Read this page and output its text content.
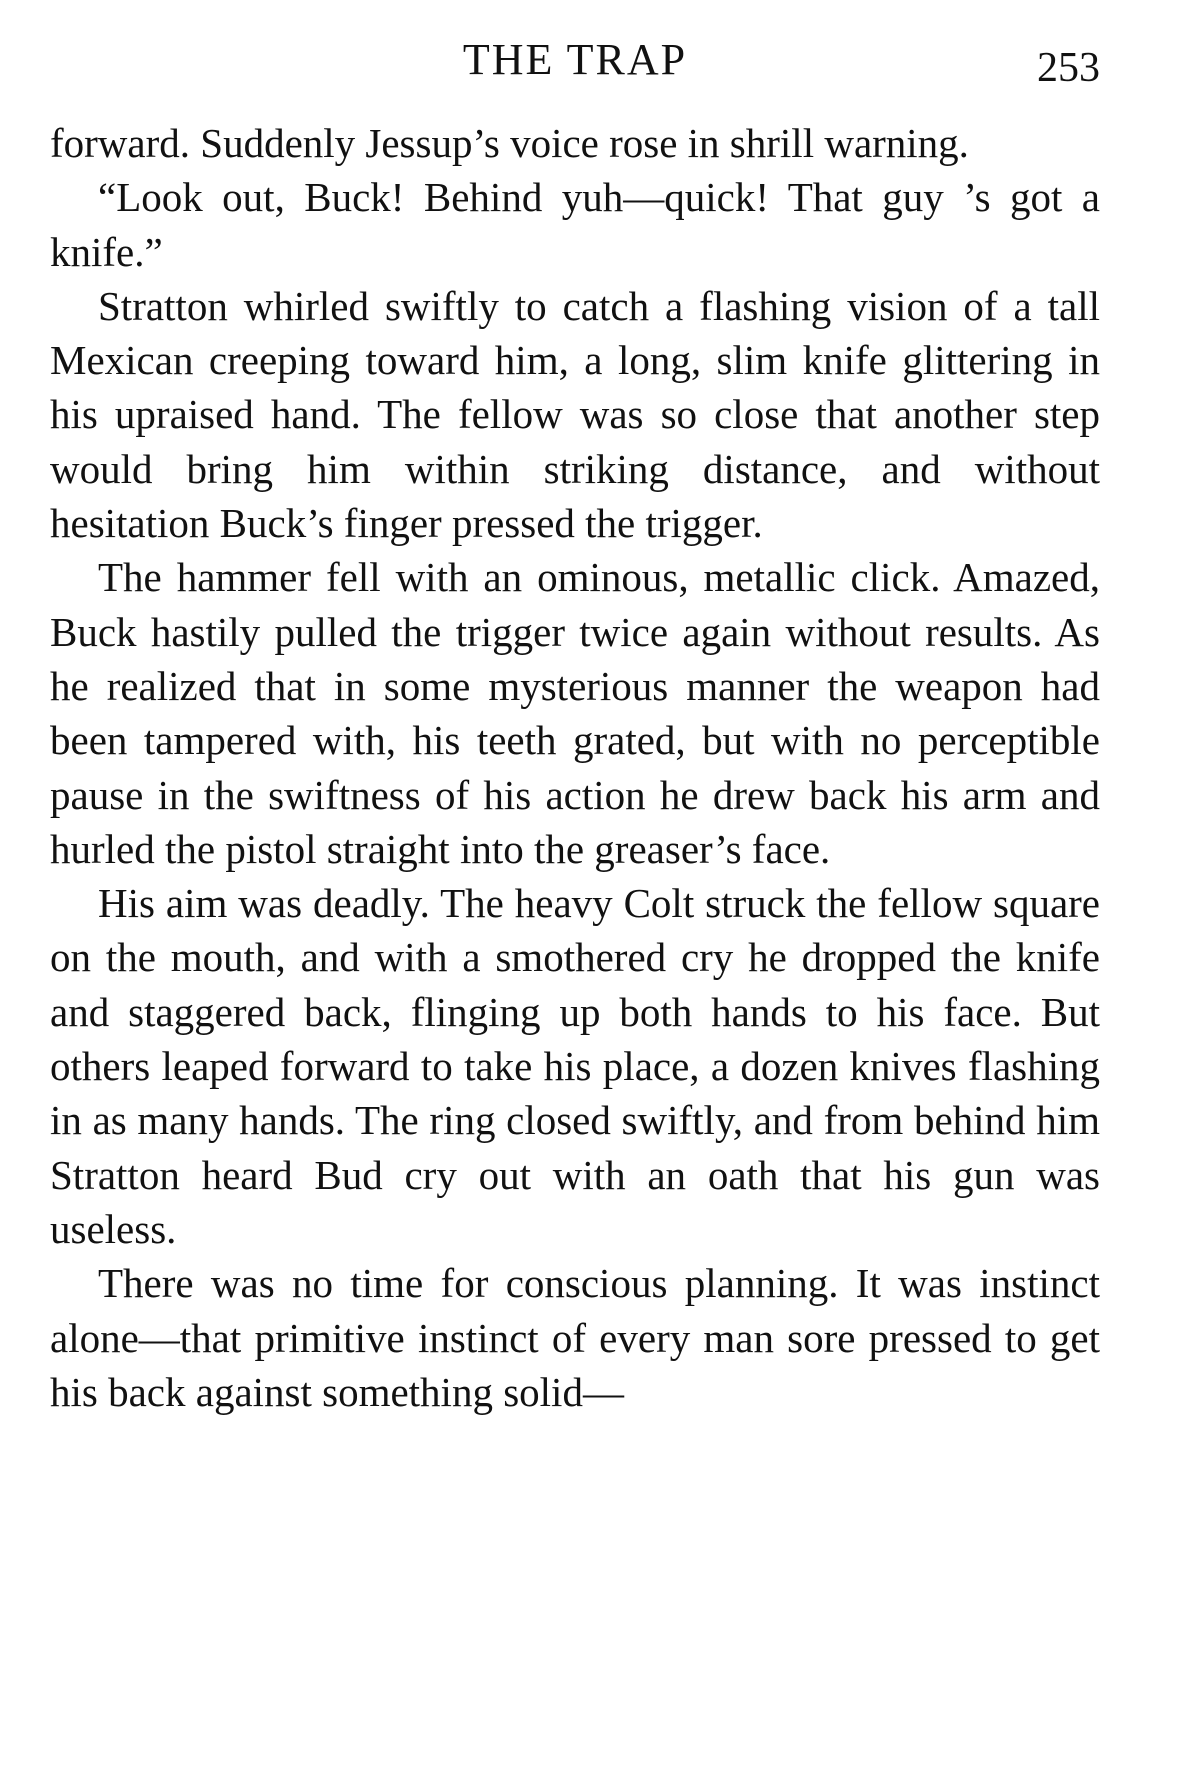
THE TRAP	253

forward. Suddenly Jessup’s voice rose in shrill warning.

“Look out, Buck! Behind yuh—quick! That guy ’s got a knife.”

Stratton whirled swiftly to catch a flashing vision of a tall Mexican creeping toward him, a long, slim knife glittering in his upraised hand. The fellow was so close that another step would bring him within striking distance, and without hesitation Buck’s finger pressed the trigger.

The hammer fell with an ominous, metallic click. Amazed, Buck hastily pulled the trigger twice again without results. As he realized that in some mysterious manner the weapon had been tampered with, his teeth grated, but with no perceptible pause in the swiftness of his action he drew back his arm and hurled the pistol straight into the greaser’s face.

His aim was deadly. The heavy Colt struck the fellow square on the mouth, and with a smothered cry he dropped the knife and staggered back, flinging up both hands to his face. But others leaped forward to take his place, a dozen knives flashing in as many hands. The ring closed swiftly, and from behind him Stratton heard Bud cry out with an oath that his gun was useless.

There was no time for conscious planning. It was instinct alone—that primitive instinct of every man sore pressed to get his back against something solid—
